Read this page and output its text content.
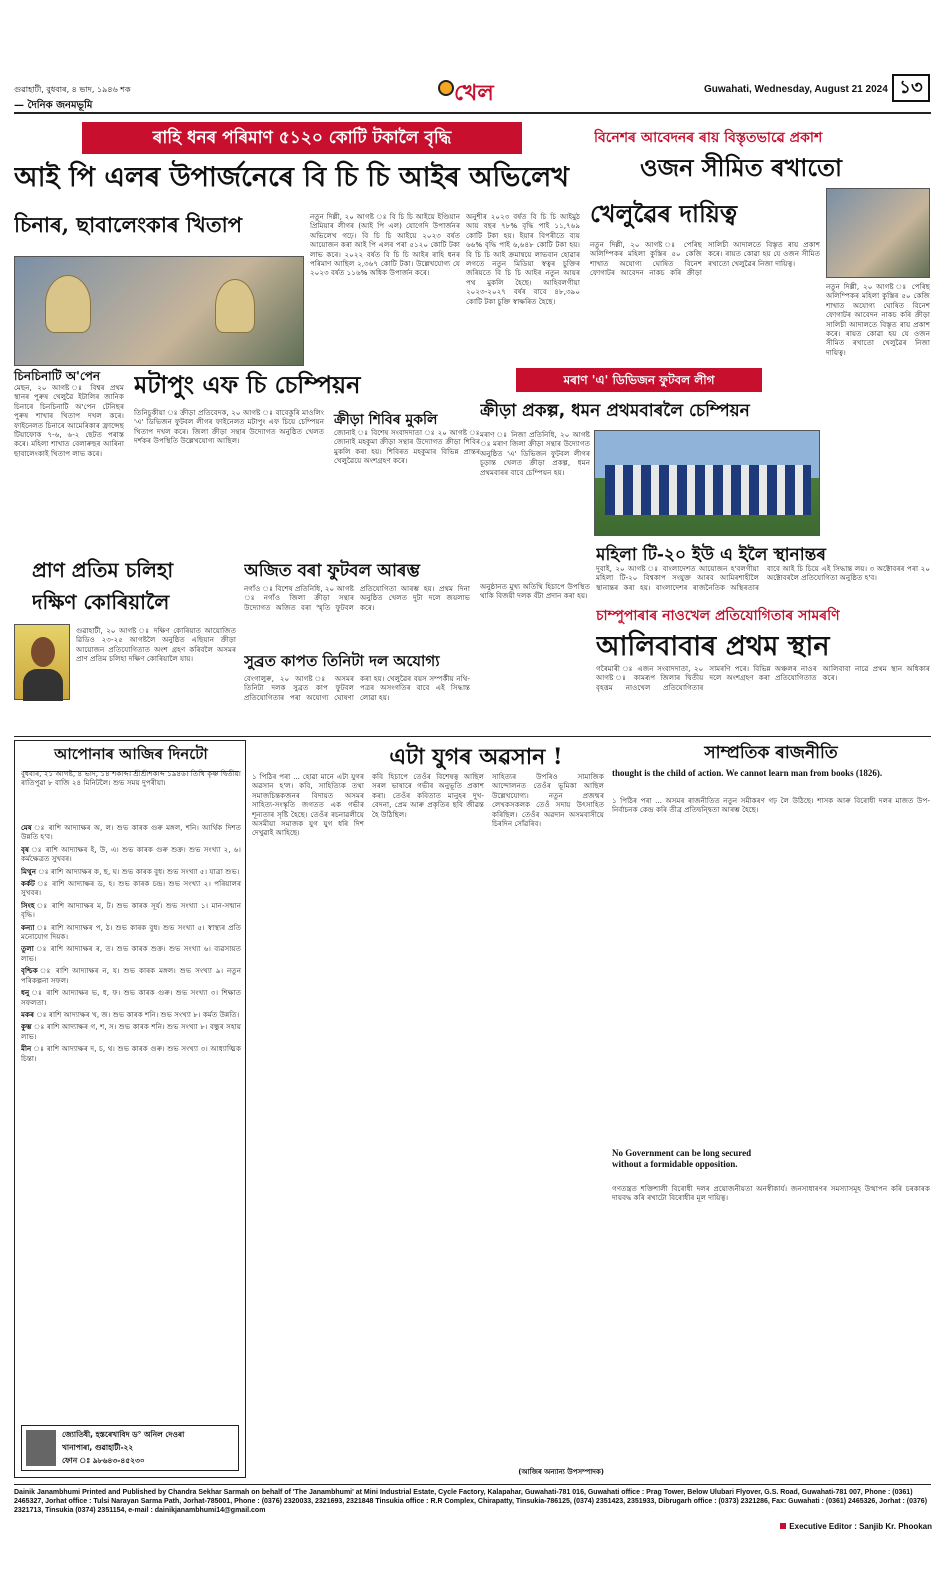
গুৱাহাটী, বুধবাৰ, ৪ ভাদ, ১৯৪৬ শক
— দৈনিক জনমভূমি	খেল	Guwahati, Wednesday, August 21 2024 ১৩
ৰাহি ধনৰ পৰিমাণ ৫১২০ কোটি টকালৈ বৃদ্ধি
আই পি এলৰ উপাৰ্জনেৰে বি চি চি আইৰ অভিলেখ
চিনাৰ, ছাবালেংকাৰ খিতাপ	নতুন দিল্লী, ২০ আগষ্ট ঃ বি চি চি আইয়ে ইণ্ডিয়ান প্ৰিমিয়াৰ লীগৰ (আই পি এল) যোগেদি উপাৰ্জনৰ অভিলেখ গঢ়ে। বি চি চি আইয়ে ২০২৩ বৰ্ষত আয়োজন কৰা আই পি এলৰ পৰা ৫১২০ কোটি টকা লাভ কৰে। ২০২২ বৰ্ষত বি চি চি আইৰ ৰাহি ধনৰ পৰিমাণ আছিল ২,৩৬৭ কোটি টকা। উল্লেখযোগ্য যে ২০২৩ বৰ্ষত ১১৬% অধিক উপাৰ্জন কৰে।
অনুশীৰ ২০২৩ বৰ্ষত বি চি চি আইমুঠ আয় বছৰ ৭৮% বৃদ্ধি পাই ১১,৭৬৯ কোটি টকা হয়। ইয়াৰ বিপৰীতে ব্যয় ৬৬% বৃদ্ধি পাই ৬,৬৪৮ কোটি টকা হয়। বি চি চি আই ক্ৰমান্বয়ে লাভবান হোৱাৰ লগতে নতুন মিডিয়া স্বত্বৰ চুক্তিৰ জৰিয়তে বি চি চি আইৰ নতুন আয়ৰ পথ মুকলি হৈছে। আহিবলগীয়া ২০২৩-২০২৭ বৰ্ষৰ বাবে ৪৮,৩৯০ কোটি টকা চুক্তি স্বাক্ষৰিত হৈছে।
চিনচিনাটি অ'পেন
মেছন, ২০ আগষ্ট ঃ বিশ্বৰ প্ৰথম স্থানৰ পুৰুষ খেলুৱৈ ইটালিৰ জানিক চিনাৰে চিনচিনাটি অ'পেন টেনিছৰ পুৰুষ শাখাৰ খিতাপ দখল কৰে। ফাইনেলত চিনাৰে আমেৰিকাৰ ফ্ৰান্সেছ টিয়াফোক ৭-৬, ৬-২ ছেটত পৰাস্ত কৰে। মহিলা শাখাত বেলাৰুছৰ আৰিনা ছাবালেংকাই খিতাপ লাভ কৰে।
মটাপুং এফ চি চেম্পিয়ন
তিনিচুকীয়া ঃ ক্ৰীড়া প্ৰতিবেদক, ২০ আগষ্ট ঃ বাবেকুৰি মাওলিং 'এ' ডিভিজন ফুটবল লীগৰ ফাইনেলত মটাপুং এফ চিয়ে চেম্পিয়ন খিতাপ দখল কৰে। জিলা ক্ৰীড়া সন্থাৰ উদ্যোগত অনুষ্ঠিত খেলত দৰ্শকৰ উপস্থিতি উল্লেখযোগ্য আছিল।
ক্ৰীড়া শিবিৰ মুকলি
জোনাই ঃ বিশেষ সংবাদদাতা ঃ ২০ আগষ্ট ঃ জোনাই মহকুমা ক্ৰীড়া সন্থাৰ উদ্যোগত ক্ৰীড়া শিবিৰ মুকলি কৰা হয়। শিবিৰত মহকুমাৰ বিভিন্ন প্ৰান্তৰ খেলুৱৈয়ে অংশগ্ৰহণ কৰে।
বিনেশৰ আবেদনৰ ৰায় বিস্তৃতভাৱে প্ৰকাশ
ওজন সীমিত ৰখাতো
খেলুৱৈৰ দায়িত্ব
নতুন দিল্লী, ২০ আগষ্ট ঃ পেৰিছ অলিম্পিকৰ মহিলা কুস্তিৰ ৫০ কেজি শাখাত অযোগ্য ঘোষিত বিনেশ ফোগাটৰ আবেদন নাকচ কৰি ক্ৰীড়া সালিচী আদালতে বিস্তৃত ৰায় প্ৰকাশ কৰে। ৰায়ত কোৱা হয় যে ওজন সীমিত ৰখাতো খেলুৱৈৰ নিজা দায়িত্ব।
নতুন দিল্লী, ২০ আগষ্ট ঃ পেৰিছ অলিম্পিকৰ মহিলা কুস্তিৰ ৫০ কেজি শাখাত অযোগ্য ঘোষিত বিনেশ ফোগাটৰ আবেদন নাকচ কৰি ক্ৰীড়া সালিচী আদালতে বিস্তৃত ৰায় প্ৰকাশ কৰে। ৰায়ত কোৱা হয় যে ওজন সীমিত ৰখাতো খেলুৱৈৰ নিজা দায়িত্ব।
মৰাণ 'এ' ডিভিজন ফুটবল লীগ
ক্ৰীড়া প্ৰকল্প, ধমন প্ৰথমবাৰলৈ চেম্পিয়ন
মৰাণ ঃ নিজা প্ৰতিনিধি, ২০ আগষ্ট ঃ মৰাণ জিলা ক্ৰীড়া সন্থাৰ উদ্যোগত অনুষ্ঠিত 'এ' ডিভিজন ফুটবল লীগৰ চূড়ান্ত খেলত ক্ৰীড়া প্ৰকল্প, ধমন প্ৰথমবাৰৰ বাবে চেম্পিয়ন হয়।
অনুষ্ঠানত মুখ্য অতিথি হিচাপে উপস্থিত থাকি বিজয়ী দলক বঁটা প্ৰদান কৰা হয়।
মহিলা টি-২০ ইউ এ ইলৈ স্থানান্তৰ
দুবাই, ২০ আগষ্ট ঃ বাংলাদেশত আয়োজন হ'বলগীয়া মহিলা টি-২০ বিশ্বকাপ সংযুক্ত আৰব আমিৰশাহীলৈ স্থানান্তৰ কৰা হয়। বাংলাদেশৰ ৰাজনৈতিক অস্থিৰতাৰ বাবে আই চি চিয়ে এই সিদ্ধান্ত লয়। ৩ অক্টোবৰৰ পৰা ২০ অক্টোবৰলৈ প্ৰতিযোগিতা অনুষ্ঠিত হ'ব।
চাম্পুপাৰাৰ নাওখেল প্ৰতিযোগিতাৰ সামৰণি
আলিবাবাৰ প্ৰথম স্থান
গৰৈমাৰী ঃ এজন সংবাদদাতা, ২০ আগষ্ট ঃ কামৰূপ জিলাৰ দ্বিতীয় বৃহত্তম নাওখেল প্ৰতিযোগিতাৰ সামৰণি পৰে। বিভিন্ন অঞ্চলৰ নাওৰ দলে অংশগ্ৰহণ কৰা প্ৰতিযোগিতাত আলিবাবা নাৱে প্ৰথম স্থান অধিকাৰ কৰে।
প্ৰাণ প্ৰতিম চলিহা
দক্ষিণ কোৰিয়ালৈ
গুৱাহাটী, ২০ আগষ্ট ঃ দক্ষিণ কোৰিয়াত আয়োজিত ৱিডিও ২৩-২৫ আগষ্টলৈ অনুষ্ঠিত এছিয়ান ক্ৰীড়া আয়োজন প্ৰতিযোগিতাত অংশ গ্ৰহণ কৰিবলৈ অসমৰ প্ৰাণ প্ৰতিম চলিহা দক্ষিণ কোৰিয়ালৈ যায়।
অজিত বৰা ফুটবল আৰম্ভ
নগাঁও ঃ বিশেষ প্ৰতিনিধি, ২০ আগষ্ট ঃ নগাঁও জিলা ক্ৰীড়া সন্থাৰ উদ্যোগত অজিত বৰা স্মৃতি ফুটবল প্ৰতিযোগিতা আৰম্ভ হয়। প্ৰথম দিনা অনুষ্ঠিত খেলত দুটা দলে জয়লাভ কৰে।
সুব্ৰত কাপত তিনিটা দল অযোগ্য
বেংগালুৰু, ২০ আগষ্ট ঃ অসমৰ তিনিটা দলক সুব্ৰত কাপ ফুটবল প্ৰতিযোগিতাৰ পৰা অযোগ্য ঘোষণা কৰা হয়। খেলুৱৈৰ বয়স সম্পৰ্কীয় নথি-পত্ৰৰ অসংগতিৰ বাবে এই সিদ্ধান্ত লোৱা হয়।
আপোনাৰ আজিৰ দিনটো
বুধবাৰ, ২১ আগষ্ট, ৪ ভাদ, ১৪ শকাব্দ। শ্ৰীশ্ৰীশকাব্দ ১৯৪৬। তিথি কৃষ্ণ দ্বিতীয়া ৰাতিপুৱা ৮ বাজি ২৪ মিনিটলৈ। শুভ সময় দুপৰীয়া।

মেষ ঃ ৰাশি আদ্যাক্ষৰ অ, ল। শুভ কাৰক গুৰু মঙ্গল, শনি। আৰ্থিক দিশত উন্নতি হ'ব।

বৃষ ঃ ৰাশি আদ্যাক্ষৰ ই, উ, এ। শুভ কাৰক গুৰু শুক্ৰ। শুভ সংখ্যা ২, ৬। কৰ্মক্ষেত্ৰত সুখবৰ।

মিথুন ঃ ৰাশি আদ্যাক্ষৰ ক, ছ, ঘ। শুভ কাৰক বুধ। শুভ সংখ্যা ৫। যাত্ৰা শুভ।

কৰ্কট ঃ ৰাশি আদ্যাক্ষৰ ড, হ। শুভ কাৰক চন্দ্ৰ। শুভ সংখ্যা ২। পৰিয়ালৰ সুখবৰ।

সিংহ ঃ ৰাশি আদ্যাক্ষৰ ম, ট। শুভ কাৰক সূৰ্য। শুভ সংখ্যা ১। মান-সন্মান বৃদ্ধি।

কন্যা ঃ ৰাশি আদ্যাক্ষৰ প, ঠ। শুভ কাৰক বুধ। শুভ সংখ্যা ৫। স্বাস্থ্যৰ প্ৰতি মনোযোগ দিয়ক।

তুলা ঃ ৰাশি আদ্যাক্ষৰ ৰ, ত। শুভ কাৰক শুক্ৰ। শুভ সংখ্যা ৬। ব্যৱসায়ত লাভ।

বৃশ্চিক ঃ ৰাশি আদ্যাক্ষৰ ন, য। শুভ কাৰক মঙ্গল। শুভ সংখ্যা ৯। নতুন পৰিকল্পনা সফল।

ধনু ঃ ৰাশি আদ্যাক্ষৰ ভ, ধ, ফ। শুভ কাৰক গুৰু। শুভ সংখ্যা ৩। শিক্ষাত সফলতা।

মকৰ ঃ ৰাশি আদ্যাক্ষৰ খ, জ। শুভ কাৰক শনি। শুভ সংখ্যা ৮। কৰ্মত উন্নতি।

কুম্ভ ঃ ৰাশি আদ্যাক্ষৰ গ, শ, স। শুভ কাৰক শনি। শুভ সংখ্যা ৮। বন্ধুৰ সহায় লাভ।

মীন ঃ ৰাশি আদ্যাক্ষৰ দ, চ, থ। শুভ কাৰক গুৰু। শুভ সংখ্যা ৩। আধ্যাত্মিক চিন্তা।

জ্যোতিষী, হস্তৰেখাবিদ ড° অনিল দেওৰা
খানাপাৰা, গুৱাহাটী-২২
ফোন ঃ ৯৮৬৪৩-৪৫২৩০
এটা যুগৰ অৱসান !
১ পিঠিৰ পৰা ... হোৱা মানে এটা যুগৰ অৱসান হ'ল। কবি, সাহিত্যিক তথা সমাজচিন্তকজনৰ বিদায়ত অসমৰ সাহিত্য-সংস্কৃতি জগতত এক গভীৰ শূন্যতাৰ সৃষ্টি হৈছে। তেওঁৰ ৰচনাৱলীয়ে অসমীয়া সমাজক যুগ যুগ ধৰি দিশ দেখুৱাই আহিছে।
কবি হিচাপে তেওঁৰ বিশেষত্ব আছিল সৰল ভাষাৰে গভীৰ অনুভূতি প্ৰকাশ কৰা। তেওঁৰ কবিতাত মানুহৰ দুখ-বেদনা, প্ৰেম আৰু প্ৰকৃতিৰ ছবি জীৱন্ত হৈ উঠিছিল।
সাহিত্যৰ উপৰিও সামাজিক আন্দোলনত তেওঁৰ ভূমিকা আছিল উল্লেখযোগ্য। নতুন প্ৰজন্মৰ লেখকসকলক তেওঁ সদায় উৎসাহিত কৰিছিল। তেওঁৰ অৱদান অসমবাসীয়ে চিৰদিন সোঁৱৰিব।
(আজিৰ অন্যান্য উপসম্পাদক)
সাম্প্ৰতিক ৰাজনীতি
thought is the child of action. We cannot learn man from books (1826).
১ পিঠিৰ পৰা ... অসমৰ ৰাজনীতিত নতুন সমীকৰণ গঢ় লৈ উঠিছে। শাসক আৰু বিৰোধী দলৰ মাজত উপ-নিৰ্বাচনক কেন্দ্ৰ কৰি তীব্ৰ প্ৰতিদ্বন্দ্বিতা আৰম্ভ হৈছে।
No Government can be long secured without a formidable opposition.
গণতন্ত্ৰত শক্তিশালী বিৰোধী দলৰ প্ৰয়োজনীয়তা অনস্বীকাৰ্য। জনসাধাৰণৰ সমস্যাসমূহ উত্থাপন কৰি চৰকাৰক দায়বদ্ধ কৰি ৰখাটো বিৰোধীৰ মূল দায়িত্ব।
Dainik Janambhumi Printed and Published by Chandra Sekhar Sarmah on behalf of 'The Janambhumi' at Mini Industrial Estate, Cycle Factory, Kalapahar, Guwahati-781 016, Guwahati office : Prag Tower, Below Ulubari Flyover, G.S. Road, Guwahati-781 007, Phone : (0361) 2465327, Jorhat office : Tulsi Narayan Sarma Path, Jorhat-785001, Phone : (0376) 2320033, 2321693, 2321848 Tinsukia office : R.R Complex, Chirapatty, Tinsukia-786125, (0374) 2351423, 2351933, Dibrugarh office : (0373) 2321286, Fax: Guwahati : (0361) 2465326, Jorhat : (0376) 2321713, Tinsukia (0374) 2351154, e-mail : dainikjanambhumi14@gmail.com
Executive Editor : Sanjib Kr. Phookan
